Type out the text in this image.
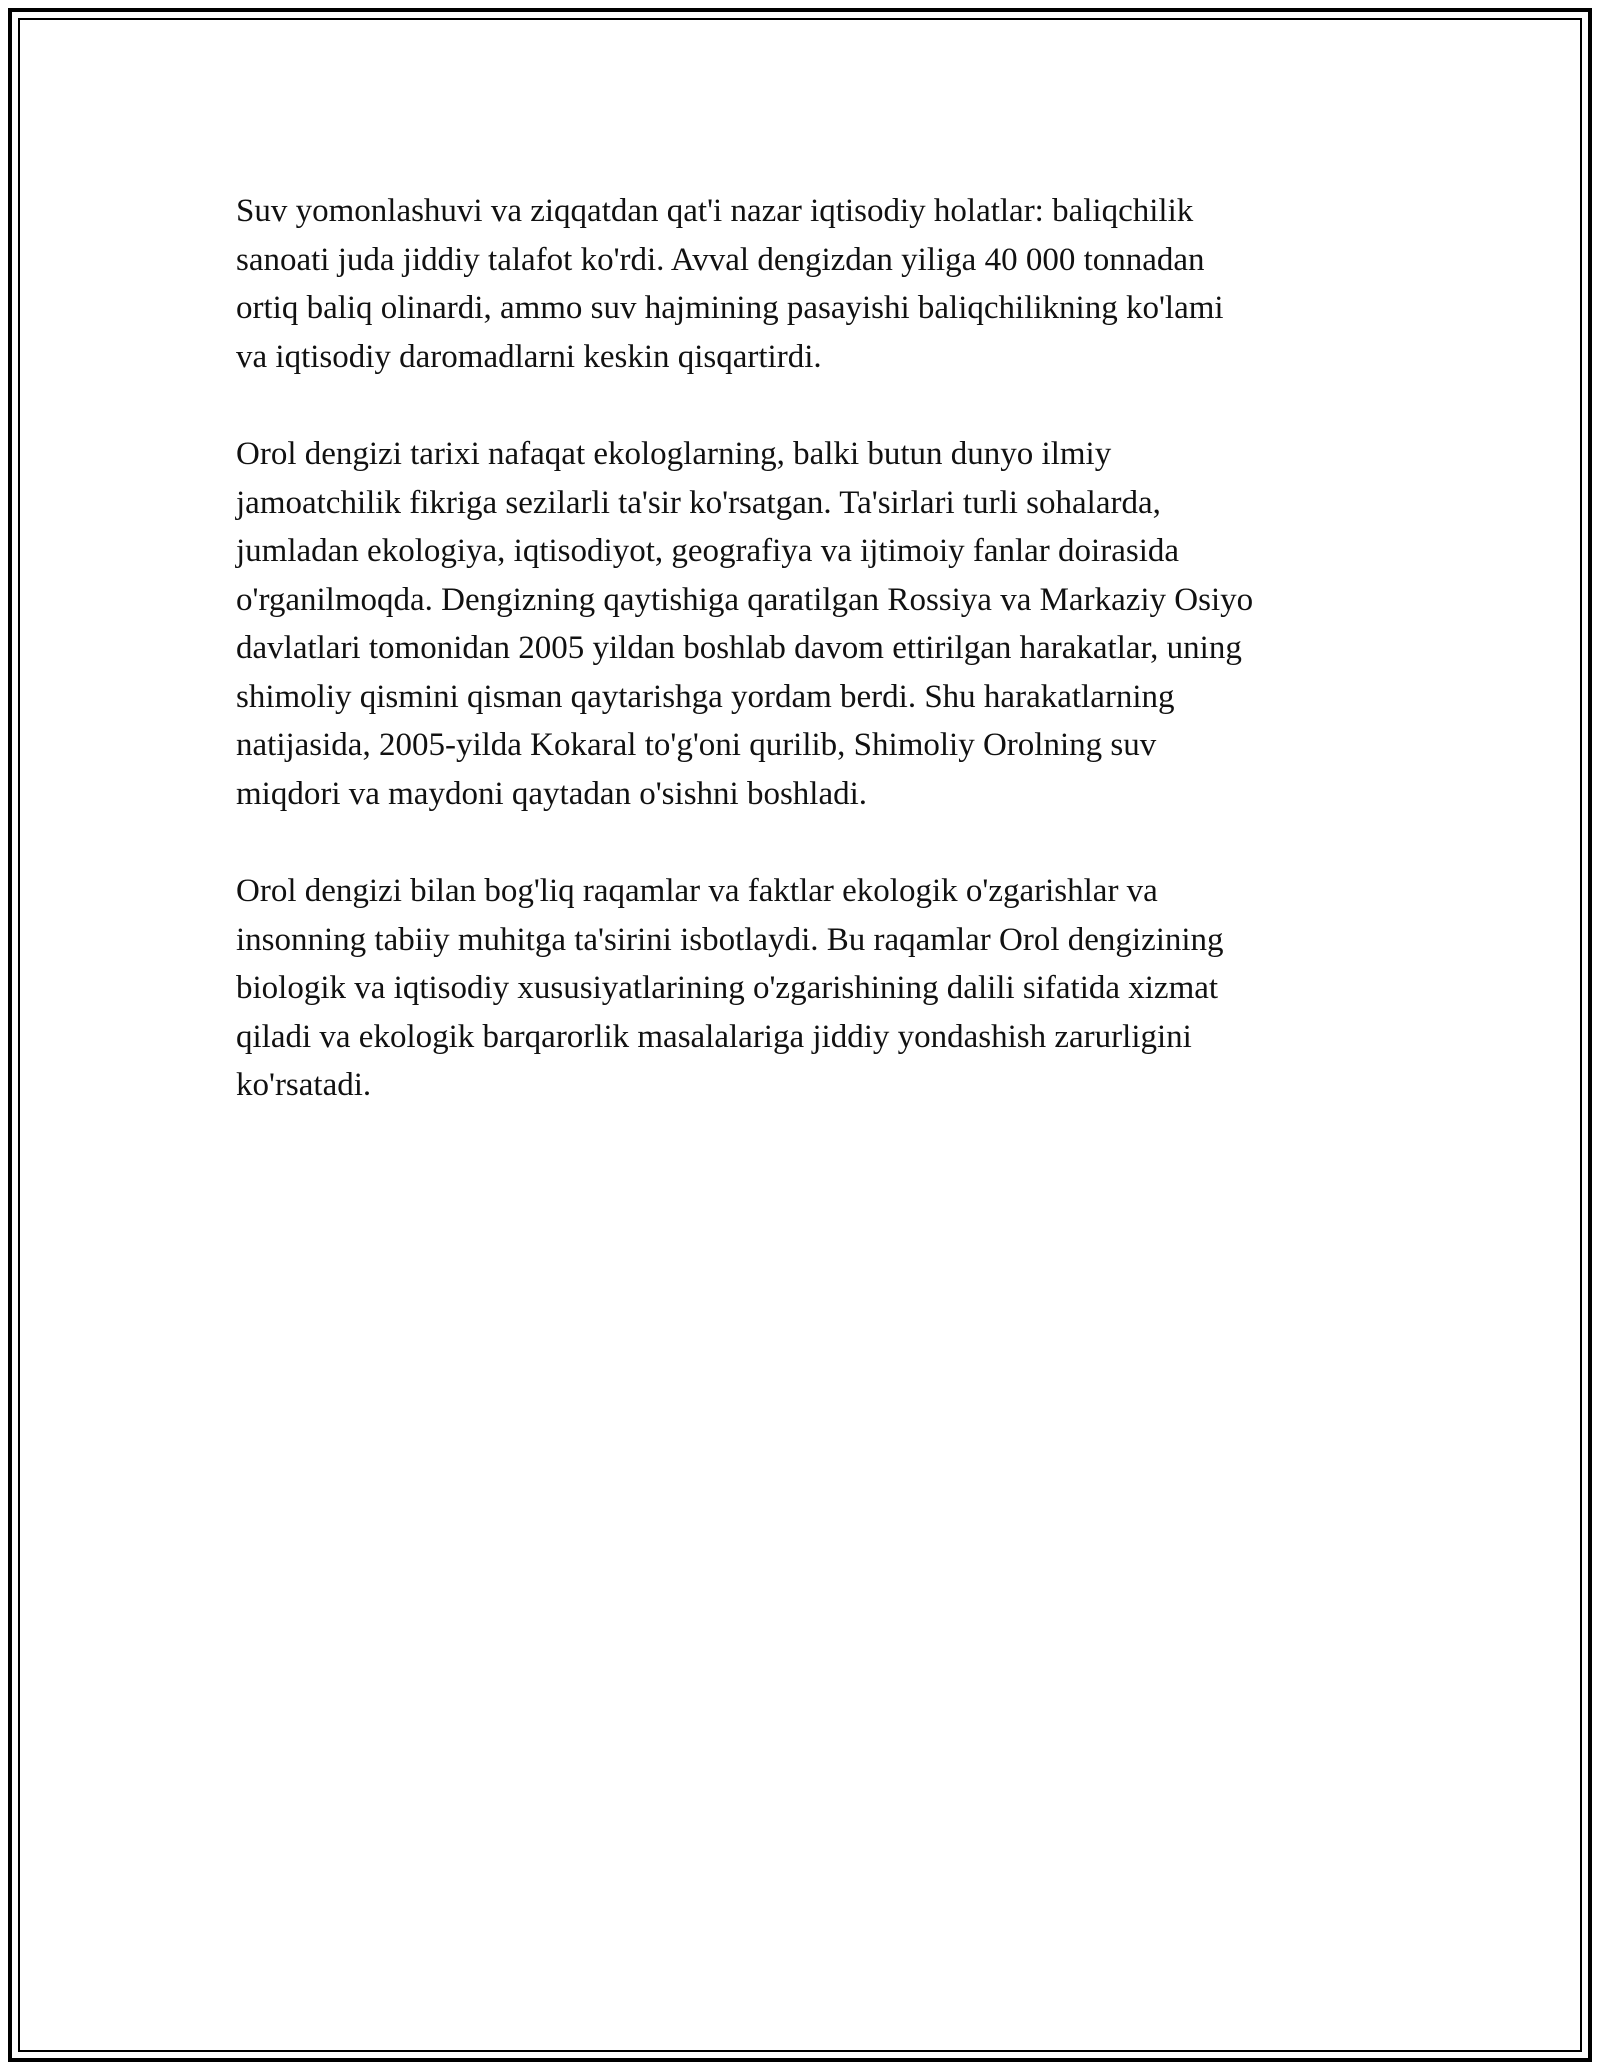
Suv yomonlashuvi va ziqqatdan qat'i nazar iqtisodiy holatlar: baliqchilik
sanoati juda jiddiy talafot ko'rdi. Avval dengizdan yiliga 40 000 tonnadan
ortiq baliq olinardi, ammo suv hajmining pasayishi baliqchilikning ko'lami
va iqtisodiy daromadlarni keskin qisqartirdi.

Orol dengizi tarixi nafaqat ekologlarning, balki butun dunyo ilmiy
jamoatchilik fikriga sezilarli ta'sir ko'rsatgan. Ta'sirlari turli sohalarda,
jumladan ekologiya, iqtisodiyot, geografiya va ijtimoiy fanlar doirasida
o'rganilmoqda. Dengizning qaytishiga qaratilgan Rossiya va Markaziy Osiyo
davlatlari tomonidan 2005 yildan boshlab davom ettirilgan harakatlar, uning
shimoliy qismini qisman qaytarishga yordam berdi. Shu harakatlarning
natijasida, 2005-yilda Kokaral to'g'oni qurilib, Shimoliy Orolning suv
miqdori va maydoni qaytadan o'sishni boshladi.

Orol dengizi bilan bog'liq raqamlar va faktlar ekologik o'zgarishlar va
insonning tabiiy muhitga ta'sirini isbotlaydi. Bu raqamlar Orol dengizining
biologik va iqtisodiy xususiyatlarining o'zgarishining dalili sifatida xizmat
qiladi va ekologik barqarorlik masalalariga jiddiy yondashish zarurligini
ko'rsatadi.
